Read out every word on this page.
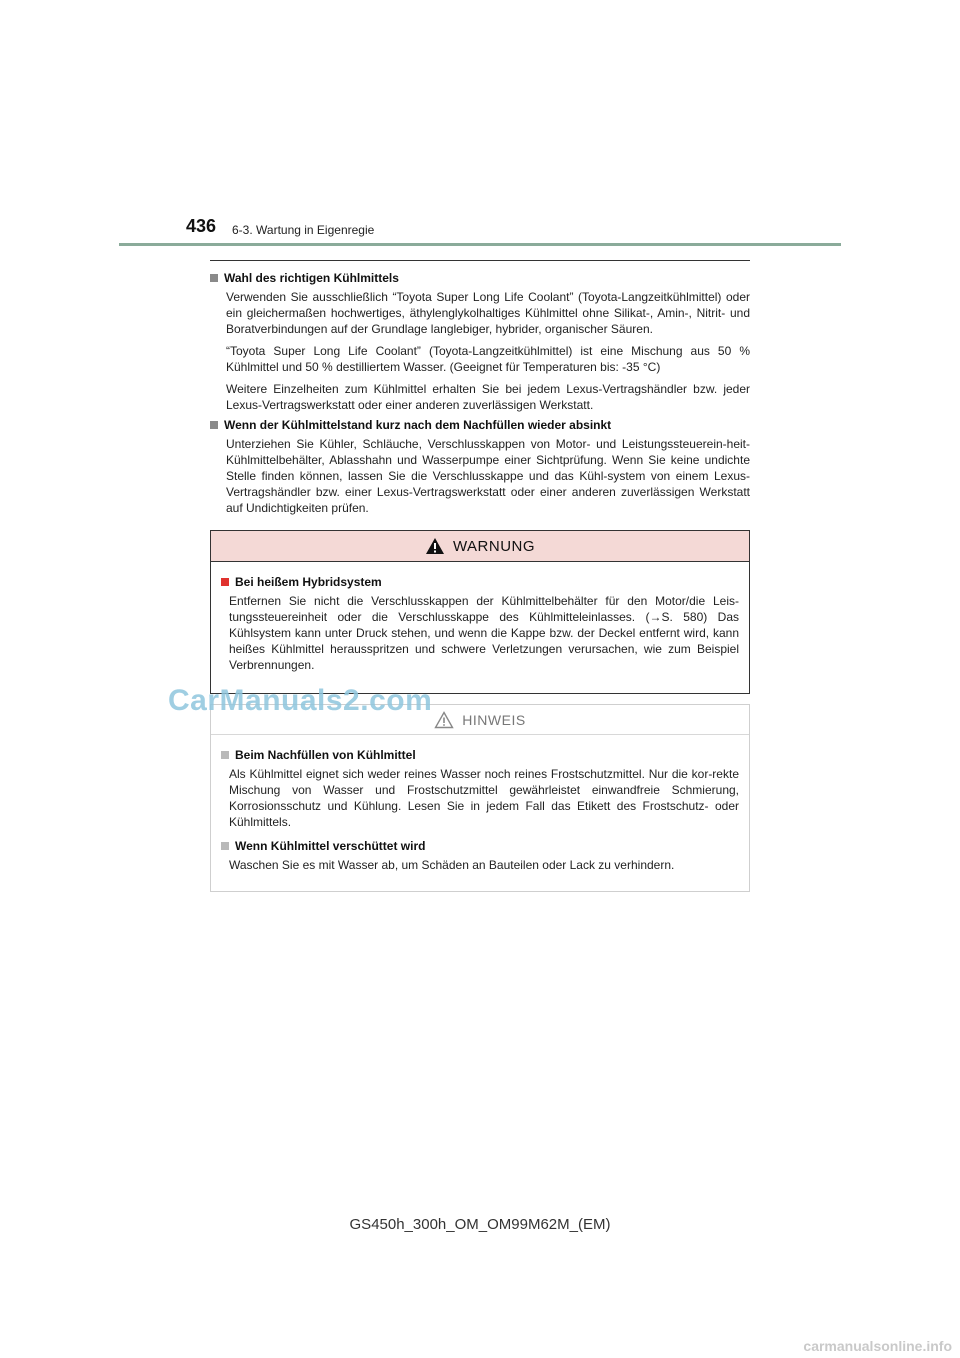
436 6-3. Wartung in Eigenregie
Wahl des richtigen Kühlmittels

Verwenden Sie ausschließlich “Toyota Super Long Life Coolant” (Toyota-Langzeitkühlmittel) oder ein gleichermaßen hochwertiges, äthylenglykolhaltiges Kühlmittel ohne Silikat-, Amin-, Nitrit- und Boratverbindungen auf der Grundlage langlebiger, hybrider, organischer Säuren.

“Toyota Super Long Life Coolant” (Toyota-Langzeitkühlmittel) ist eine Mischung aus 50 % Kühlmittel und 50 % destilliertem Wasser. (Geeignet für Temperaturen bis: -35 °C)

Weitere Einzelheiten zum Kühlmittel erhalten Sie bei jedem Lexus-Vertragshändler bzw. jeder Lexus-Vertragswerkstatt oder einer anderen zuverlässigen Werkstatt.

Wenn der Kühlmittelstand kurz nach dem Nachfüllen wieder absinkt

Unterziehen Sie Kühler, Schläuche, Verschlusskappen von Motor- und Leistungssteuerein-heit-Kühlmittelbehälter, Ablasshahn und Wasserpumpe einer Sichtprüfung. Wenn Sie keine undichte Stelle finden können, lassen Sie die Verschlusskappe und das Kühl-system von einem Lexus-Vertragshändler bzw. einer Lexus-Vertragswerkstatt oder einer anderen zuverlässigen Werkstatt auf Undichtigkeiten prüfen.

WARNUNG
Bei heißem Hybridsystem

Entfernen Sie nicht die Verschlusskappen der Kühlmittelbehälter für den Motor/die Leis-tungssteuereinheit oder die Verschlusskappe des Kühlmitteleinlasses. (→S. 580) Das Kühlsystem kann unter Druck stehen, und wenn die Kappe bzw. der Deckel entfernt wird, kann heißes Kühlmittel herausspritzen und schwere Verletzungen verursachen, wie zum Beispiel Verbrennungen.

HINWEIS
Beim Nachfüllen von Kühlmittel

Als Kühlmittel eignet sich weder reines Wasser noch reines Frostschutzmittel. Nur die kor-rekte Mischung von Wasser und Frostschutzmittel gewährleistet einwandfreie Schmierung, Korrosionsschutz und Kühlung. Lesen Sie in jedem Fall das Etikett des Frostschutz- oder Kühlmittels.

Wenn Kühlmittel verschüttet wird

Waschen Sie es mit Wasser ab, um Schäden an Bauteilen oder Lack zu verhindern.

CarManuals2.com
GS450h_300h_OM_OM99M62M_(EM)
carmanualsonline.info
